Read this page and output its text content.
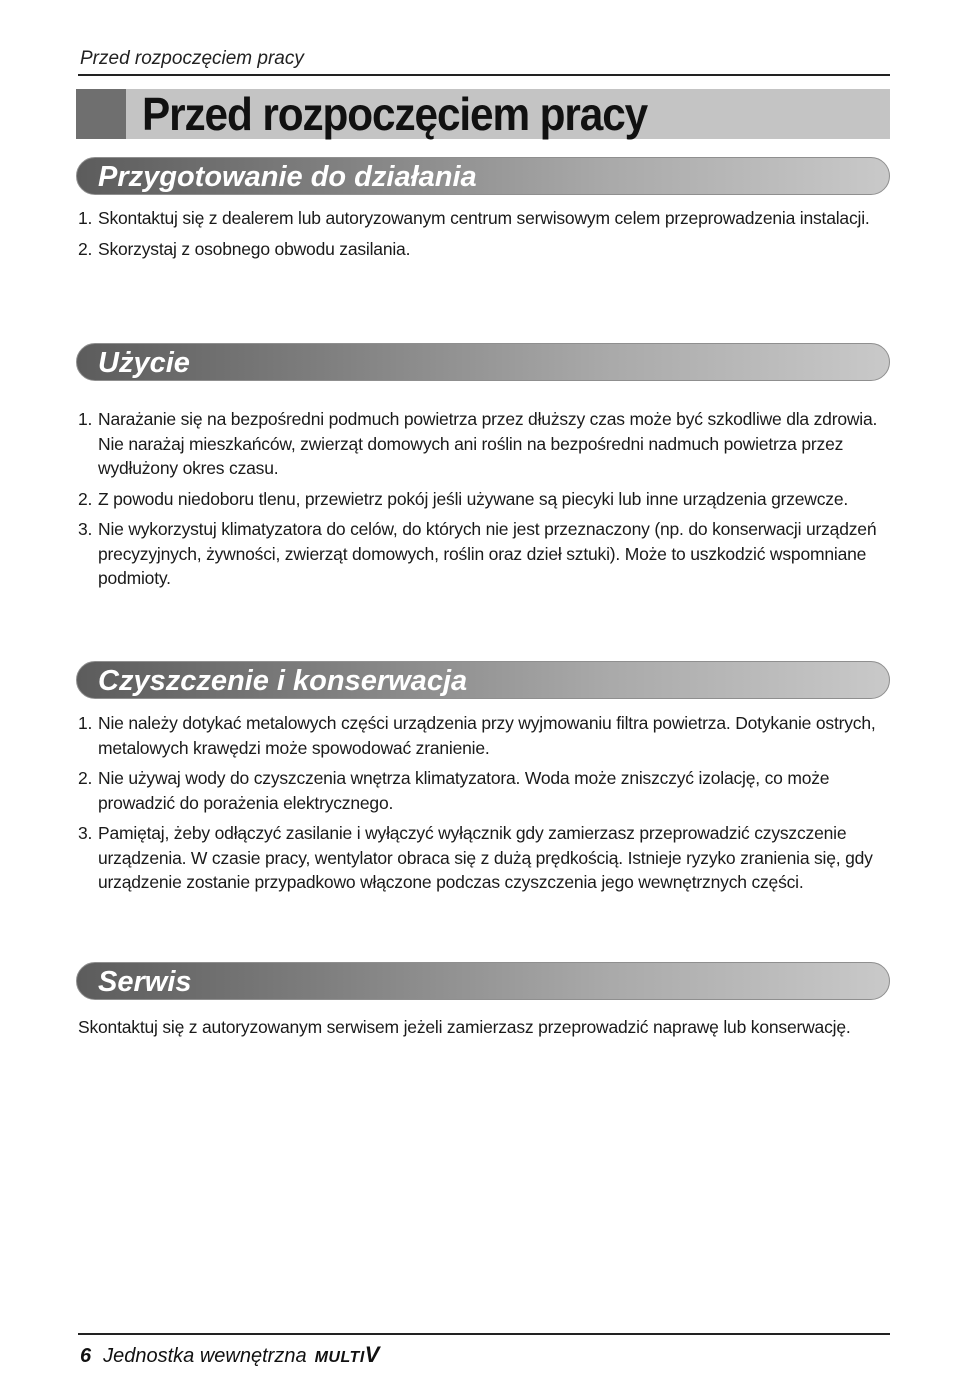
Przed rozpoczęciem pracy
Przed rozpoczęciem pracy
Przygotowanie do działania
1. Skontaktuj się z dealerem lub autoryzowanym centrum serwisowym celem przeprowadzenia instalacji.
2. Skorzystaj z osobnego obwodu zasilania.
Użycie
1. Narażanie się na bezpośredni podmuch powietrza przez dłuższy czas może być szkodliwe dla zdrowia. Nie narażaj mieszkańców, zwierząt domowych ani roślin na bezpośredni nadmuch powietrza przez wydłużony okres czasu.
2. Z powodu niedoboru tlenu, przewietrz pokój jeśli używane są piecyki lub inne urządzenia grzewcze.
3. Nie wykorzystuj klimatyzatora do celów, do których nie jest przeznaczony (np. do konserwacji urządzeń precyzyjnych, żywności, zwierząt domowych, roślin oraz dzieł sztuki). Może to uszkodzić wspomniane podmioty.
Czyszczenie i konserwacja
1. Nie należy dotykać metalowych części urządzenia przy wyjmowaniu filtra powietrza. Dotykanie ostrych, metalowych krawędzi może spowodować zranienie.
2. Nie używaj wody do czyszczenia wnętrza klimatyzatora. Woda może zniszczyć izolację, co może prowadzić do porażenia elektrycznego.
3. Pamiętaj, żeby odłączyć zasilanie i wyłączyć wyłącznik gdy zamierzasz przeprowadzić czyszczenie urządzenia. W czasie pracy, wentylator obraca się z dużą prędkością. Istnieje ryzyko zranienia się, gdy urządzenie zostanie przypadkowo włączone podczas czyszczenia jego wewnętrznych części.
Serwis

Skontaktuj się z autoryzowanym serwisem jeżeli zamierzasz przeprowadzić naprawę lub konserwację.

6 Jednostka wewnętrzna MULTIV
